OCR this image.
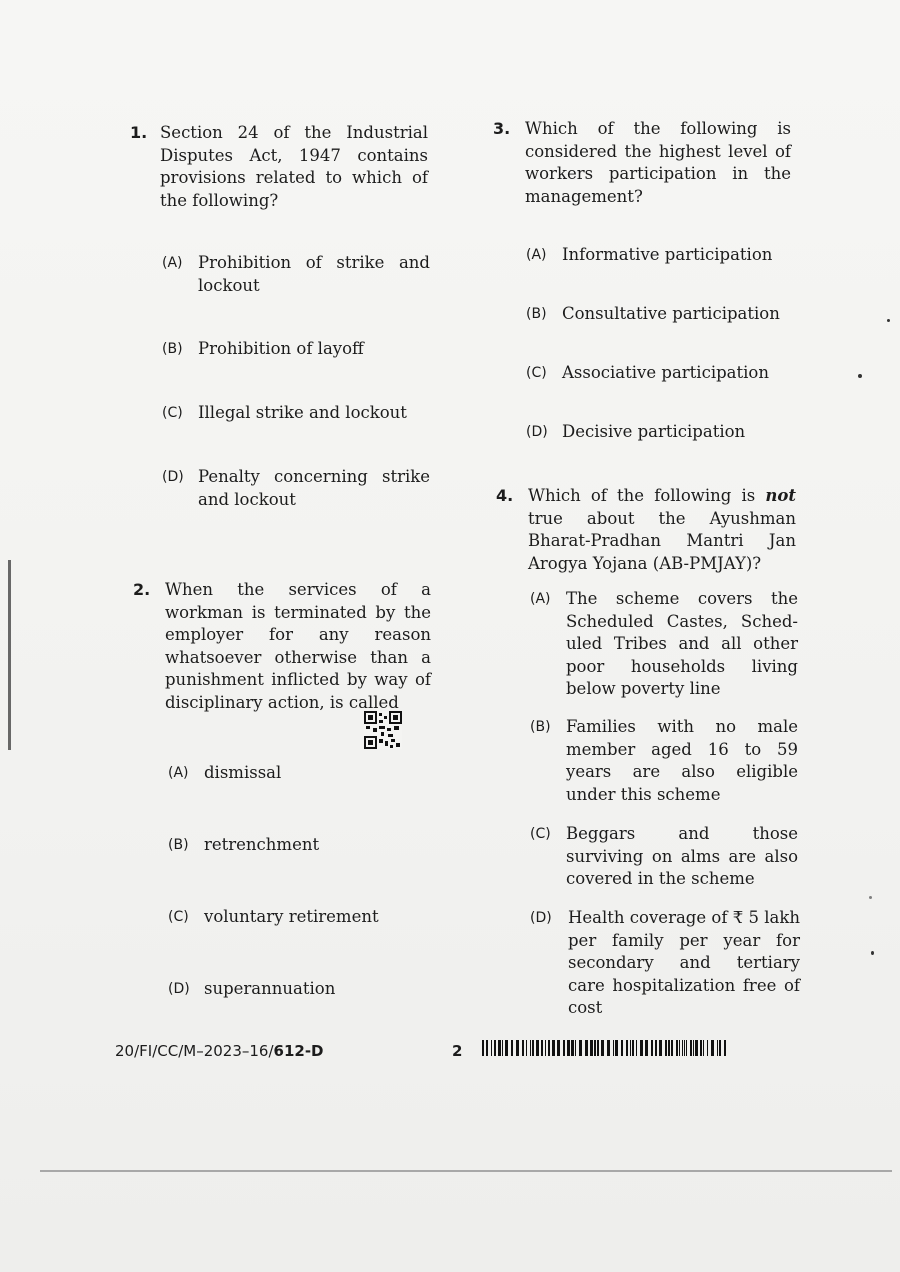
1. Section 24 of the Industrial Disputes Act, 1947 contains provisions related to which of the following?
(A) Prohibition of strike and lockout
(B) Prohibition of layoff
(C) Illegal strike and lockout
(D) Penalty concerning strike and lockout
2. When the services of a workman is terminated by the employer for any reason whatsoever otherwise than a punishment inflicted by way of disciplinary action, is called
(A) dismissal
(B) retrenchment
(C) voluntary retirement
(D) superannuation
3. Which of the following is considered the highest level of workers participation in the management?
(A) Informative participation
(B) Consultative participation
(C) Associative participation
(D) Decisive participation
4. Which of the following is not true about the Ayushman Bharat-Pradhan Mantri Jan Arogya Yojana (AB-PMJAY)?
(A) The scheme covers the Scheduled Castes, Sched-uled Tribes and all other poor households living below poverty line
(B) Families with no male member aged 16 to 59 years are also eligible under this scheme
(C) Beggars and those surviving on alms are also covered in the scheme
(D) Health coverage of ₹ 5 lakh per family per year for secondary and tertiary care hospitalization free of cost
20/FI/CC/M–2023–16/612-D	2
